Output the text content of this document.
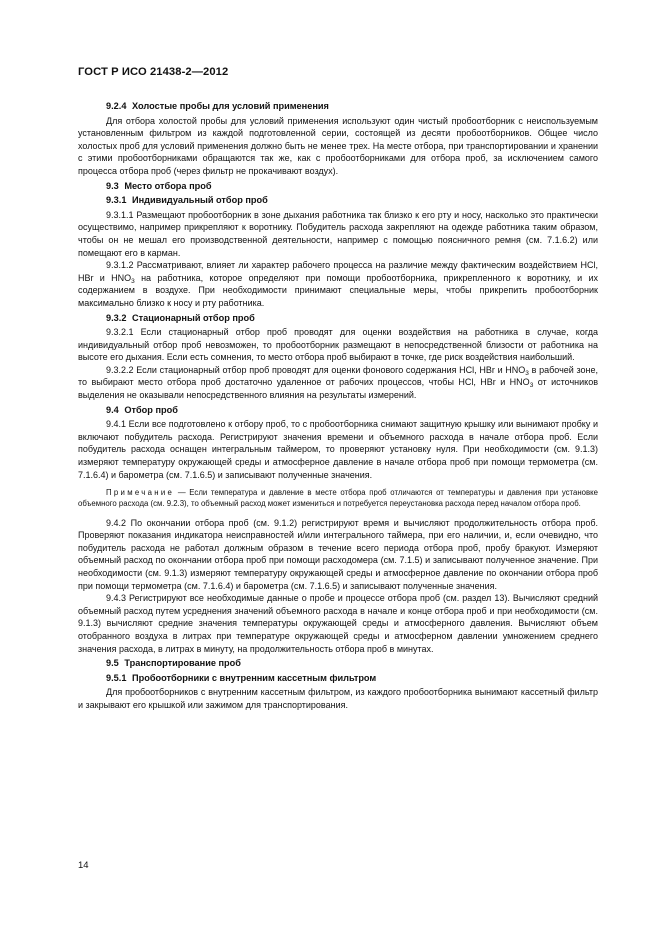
ГОСТ Р ИСО 21438-2—2012
9.2.4 Холостые пробы для условий применения

Для отбора холостой пробы для условий применения используют один чистый пробоотборник с неиспользуемым установленным фильтром из каждой подготовленной серии, состоящей из десяти пробоотборников. Общее число холостых проб для условий применения должно быть не менее трех. На месте отбора, при транспортировании и хранении с этими пробоотборниками обращаются так же, как с пробоотборниками для отбора проб, за исключением самого процесса отбора проб (через фильтр не прокачивают воздух).

9.3 Место отбора проб
9.3.1 Индивидуальный отбор проб

9.3.1.1 Размещают пробоотборник в зоне дыхания работника так близко к его рту и носу, насколько это практически осуществимо, например прикрепляют к воротнику. Побудитель расхода закрепляют на одежде работника таким образом, чтобы он не мешал его производственной деятельности, например с помощью поясничного ремня (см. 7.1.6.2) или помещают его в карман.

9.3.1.2 Рассматривают, влияет ли характер рабочего процесса на различие между фактическим воздействием HCl, HBr и $HNO_3$ на работника, которое определяют при помощи пробоотборника, прикрепленного к воротнику, и их содержанием в воздухе. При необходимости принимают специальные меры, чтобы прикрепить пробоотборник максимально близко к носу и рту работника.

9.3.2 Стационарный отбор проб

9.3.2.1 Если стационарный отбор проб проводят для оценки воздействия на работника в случае, когда индивидуальный отбор проб невозможен, то пробоотборник размещают в непосредственной близости от работника на высоте его дыхания. Если есть сомнения, то место отбора проб выбирают в точке, где риск воздействия наибольший.

9.3.2.2 Если стационарный отбор проб проводят для оценки фонового содержания HCl, HBr и $HNO_3$ в рабочей зоне, то выбирают место отбора проб достаточно удаленное от рабочих процессов, чтобы HCl, HBr и $HNO_3$ от источников выделения не оказывали непосредственного влияния на результаты измерений.

9.4 Отбор проб

9.4.1 Если все подготовлено к отбору проб, то с пробоотборника снимают защитную крышку или вынимают пробку и включают побудитель расхода. Регистрируют значения времени и объемного расхода в начале отбора проб. Если побудитель расхода оснащен интегральным таймером, то проверяют установку нуля. При необходимости (см. 9.1.3) измеряют температуру окружающей среды и атмосферное давление в начале отбора проб при помощи термометра (см. 7.1.6.4) и барометра (см. 7.1.6.5) и записывают полученные значения.

Примечание — Если температура и давление в месте отбора проб отличаются от температуры и давления при установке объемного расхода (см. 9.2.3), то объемный расход может измениться и потребуется переустановка расхода перед началом отбора проб.

9.4.2 По окончании отбора проб (см. 9.1.2) регистрируют время и вычисляют продолжительность отбора проб. Проверяют показания индикатора неисправностей и/или интегрального таймера, при его наличии, и, если очевидно, что побудитель расхода не работал должным образом в течение всего периода отбора проб, пробу бракуют. Измеряют объемный расход по окончании отбора проб при помощи расходомера (см. 7.1.5) и записывают полученное значение. При необходимости (см. 9.1.3) измеряют температуру окружающей среды и атмосферное давление по окончании отбора проб при помощи термометра (см. 7.1.6.4) и барометра (см. 7.1.6.5) и записывают полученные значения.

9.4.3 Регистрируют все необходимые данные о пробе и процессе отбора проб (см. раздел 13). Вычисляют средний объемный расход путем усреднения значений объемного расхода в начале и конце отбора проб и при необходимости (см. 9.1.3) вычисляют средние значения температуры окружающей среды и атмосферного давления. Вычисляют объем отобранного воздуха в литрах при температуре окружающей среды и атмосферном давлении умножением среднего значения расхода, в литрах в минуту, на продолжительность отбора проб в минутах.

9.5 Транспортирование проб
9.5.1 Пробоотборники с внутренним кассетным фильтром

Для пробоотборников с внутренним кассетным фильтром, из каждого пробоотборника вынимают кассетный фильтр и закрывают его крышкой или зажимом для транспортирования.

14
